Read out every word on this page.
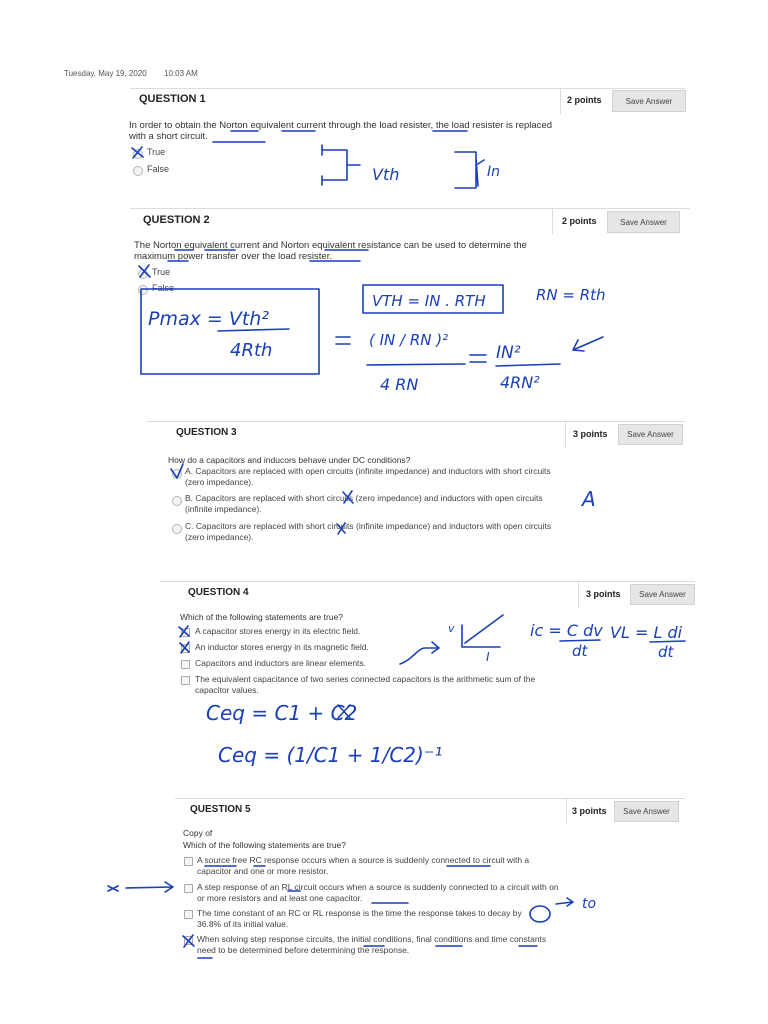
Tuesday, May 19, 2020 10:03 AM
QUESTION 1	2 points	Save Answer
In order to obtain the Norton equivalent current through the load resister, the load resister is replaced with a short circuit.
True
False
QUESTION 2	2 points	Save Answer
The Norton equivalent current and Norton equivalent resistance can be used to determine the maximum power transfer over the load resister.
True
False
QUESTION 3	3 points	Save Answer
How do a capacitors and inducors behave under DC conditions?
A. Capacitors are replaced with open circuits (infinite impedance) and inductors with short circuits (zero impedance).
B. Capacitors are replaced with short circuits (zero impedance) and inductors with open circuits (infinite impedance).
C. Capacitors are replaced with short circuits (infinite impedance) and inductors with open circuits (zero impedance).
QUESTION 4	3 points	Save Answer
Which of the following statements are true?
A capacitor stores energy in its electric field.
An inductor stores energy in its magnetic field.
Capacitors and inductors are linear elements.
The equivalent capacitance of two series connected capacitors is the arithmetic sum of the capacitor values.
QUESTION 5	3 points	Save Answer
Copy of
Which of the following statements are true?
A source free RC response occurs when a source is suddenly connected to circuit with a capacitor and one or more resistor.
A step response of an RL circuit occurs when a source is suddenly connected to a circuit with on or more resistors and at least one capacitor.
The time constant of an RC or RL response is the time the response takes to decay by 36.8% of its initial value.
When solving step response circuits, the initial conditions, final conditions and time constants need to be determined before determining the response.
Vth	In
Pmax = Vth²
4Rth
VTH = IN . RTH	RN = Rth
( IN / RN )²
4 RN
IN²
4RN²
A
v
I
ic = C dv
dt
VL = L di
dt
Ceq = C1 + C2
Ceq = (1/C1 + 1/C2)⁻¹
to
